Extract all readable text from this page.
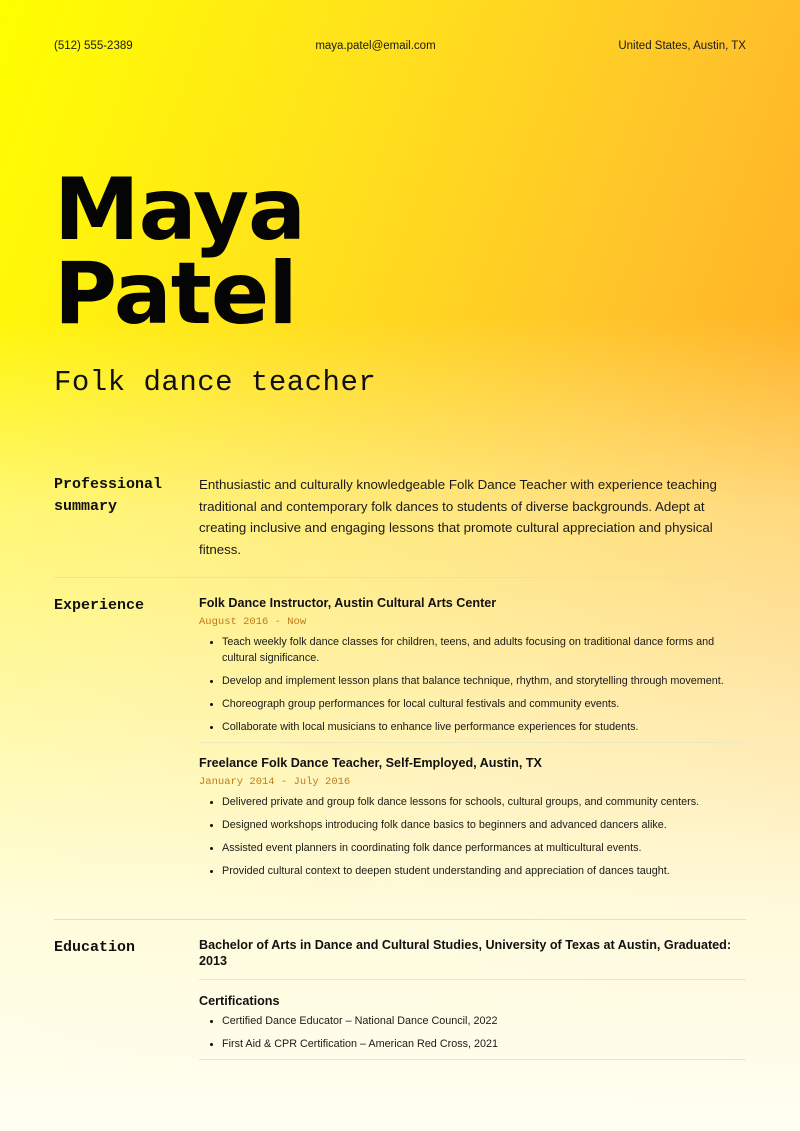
(512) 555-2389	maya.patel@email.com	United States, Austin, TX
Maya
Patel
Folk dance teacher
Professional
summary
Enthusiastic and culturally knowledgeable Folk Dance Teacher with experience teaching traditional and contemporary folk dances to students of diverse backgrounds. Adept at creating inclusive and engaging lessons that promote cultural appreciation and physical fitness.
Experience	Folk Dance Instructor, Austin Cultural Arts Center
August 2016 - Now
Teach weekly folk dance classes for children, teens, and adults focusing on traditional dance forms and cultural significance.
Develop and implement lesson plans that balance technique, rhythm, and storytelling through movement.
Choreograph group performances for local cultural festivals and community events.
Collaborate with local musicians to enhance live performance experiences for students.
Freelance Folk Dance Teacher, Self-Employed, Austin, TX
January 2014 - July 2016
Delivered private and group folk dance lessons for schools, cultural groups, and community centers.
Designed workshops introducing folk dance basics to beginners and advanced dancers alike.
Assisted event planners in coordinating folk dance performances at multicultural events.
Provided cultural context to deepen student understanding and appreciation of dances taught.
Education	Bachelor of Arts in Dance and Cultural Studies, University of Texas at Austin, Graduated: 2013
Certifications
Certified Dance Educator – National Dance Council, 2022
First Aid & CPR Certification – American Red Cross, 2021
